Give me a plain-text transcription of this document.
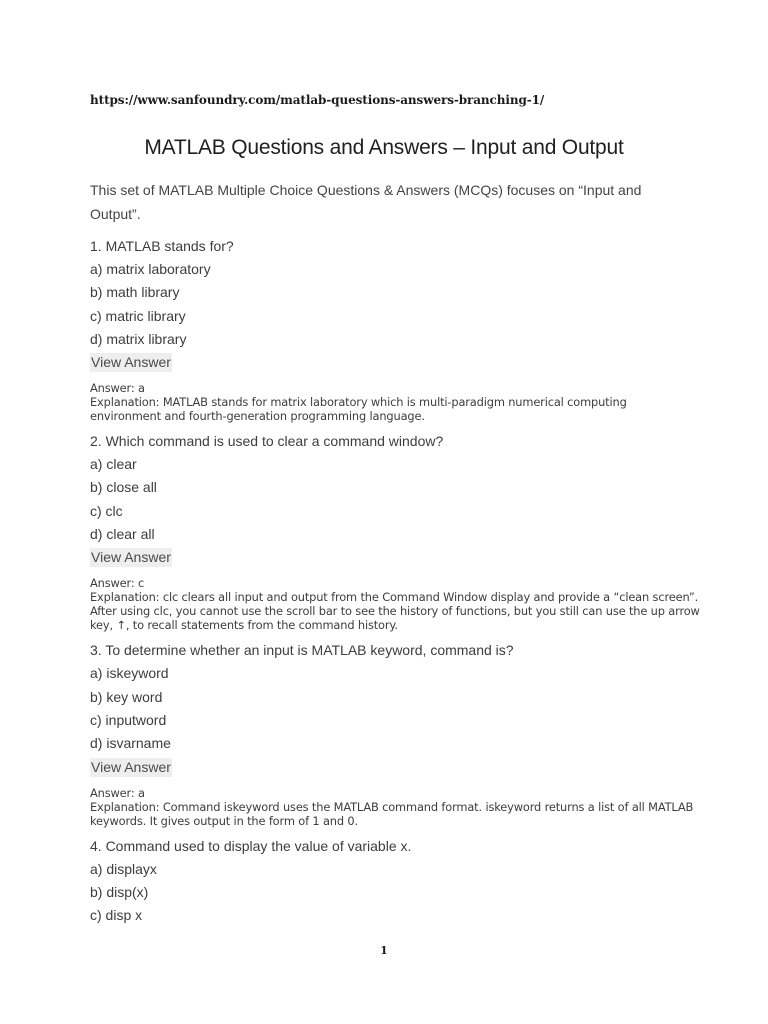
https://www.sanfoundry.com/matlab-questions-answers-branching-1/
MATLAB Questions and Answers – Input and Output
This set of MATLAB Multiple Choice Questions & Answers (MCQs) focuses on “Input and Output”.
1. MATLAB stands for?
a) matrix laboratory
b) math library
c) matric library
d) matrix library
View Answer
Answer: a
Explanation: MATLAB stands for matrix laboratory which is multi-paradigm numerical computing environment and fourth-generation programming language.
2. Which command is used to clear a command window?
a) clear
b) close all
c) clc
d) clear all
View Answer
Answer: c
Explanation: clc clears all input and output from the Command Window display and provide a “clean screen”. After using clc, you cannot use the scroll bar to see the history of functions, but you still can use the up arrow key, ↑, to recall statements from the command history.
3. To determine whether an input is MATLAB keyword, command is?
a) iskeyword
b) key word
c) inputword
d) isvarname
View Answer
Answer: a
Explanation: Command iskeyword uses the MATLAB command format. iskeyword returns a list of all MATLAB keywords. It gives output in the form of 1 and 0.
4. Command used to display the value of variable x.
a) displayx
b) disp(x)
c) disp x
1
